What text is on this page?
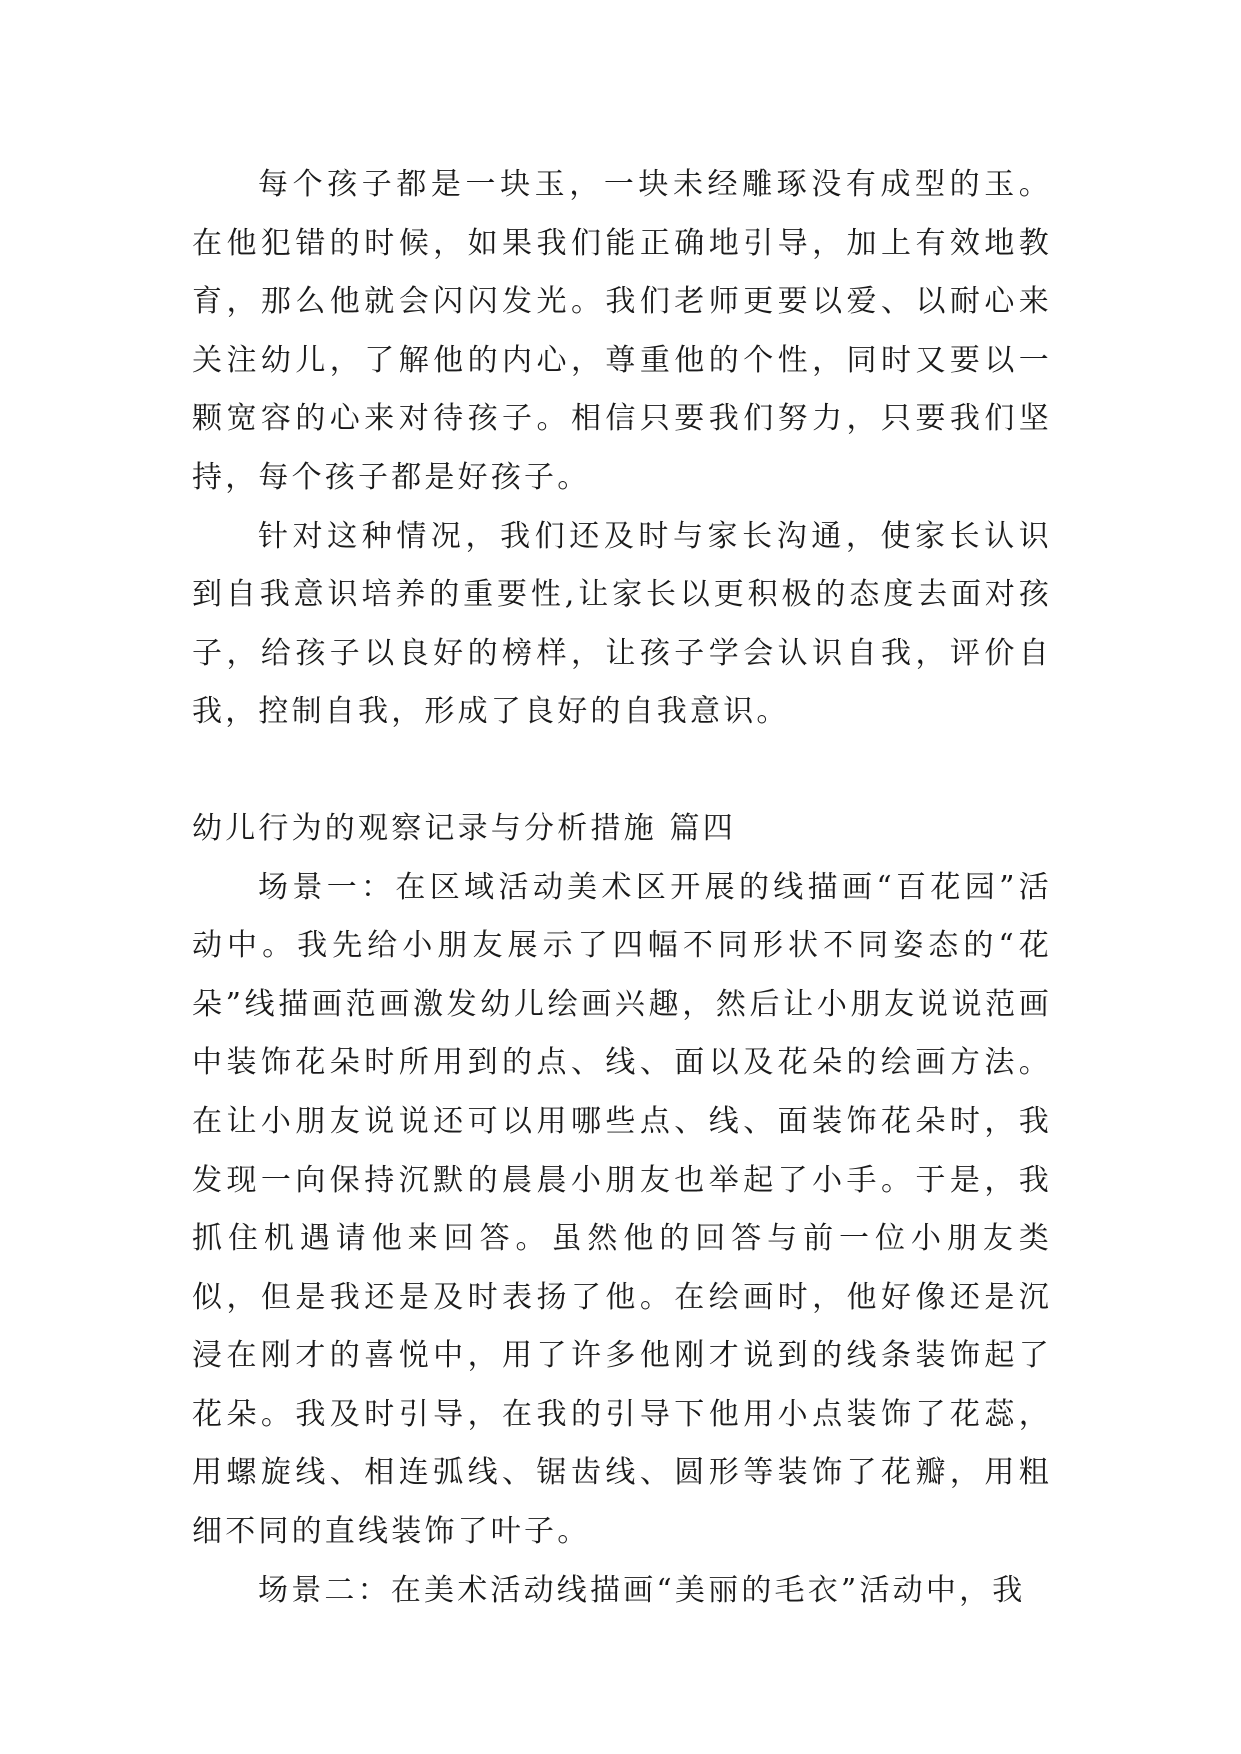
每个孩子都是一块玉，一块未经雕琢没有成型的玉。在他犯错的时候，如果我们能正确地引导，加上有效地教育，那么他就会闪闪发光。我们老师更要以爱、以耐心来关注幼儿，了解他的内心，尊重他的个性，同时又要以一颗宽容的心来对待孩子。相信只要我们努力，只要我们坚持，每个孩子都是好孩子。

针对这种情况，我们还及时与家长沟通，使家长认识到自我意识培养的重要性,让家长以更积极的态度去面对孩子，给孩子以良好的榜样，让孩子学会认识自我，评价自我，控制自我，形成了良好的自我意识。

幼儿行为的观察记录与分析措施 篇四

场景一：在区域活动美术区开展的线描画“百花园”活动中。我先给小朋友展示了四幅不同形状不同姿态的“花朵”线描画范画激发幼儿绘画兴趣，然后让小朋友说说范画中装饰花朵时所用到的点、线、面以及花朵的绘画方法。在让小朋友说说还可以用哪些点、线、面装饰花朵时，我发现一向保持沉默的晨晨小朋友也举起了小手。于是，我抓住机遇请他来回答。虽然他的回答与前一位小朋友类似，但是我还是及时表扬了他。在绘画时，他好像还是沉浸在刚才的喜悦中，用了许多他刚才说到的线条装饰起了花朵。我及时引导，在我的引导下他用小点装饰了花蕊，用螺旋线、相连弧线、锯齿线、圆形等装饰了花瓣，用粗细不同的直线装饰了叶子。

场景二：在美术活动线描画“美丽的毛衣”活动中，我
